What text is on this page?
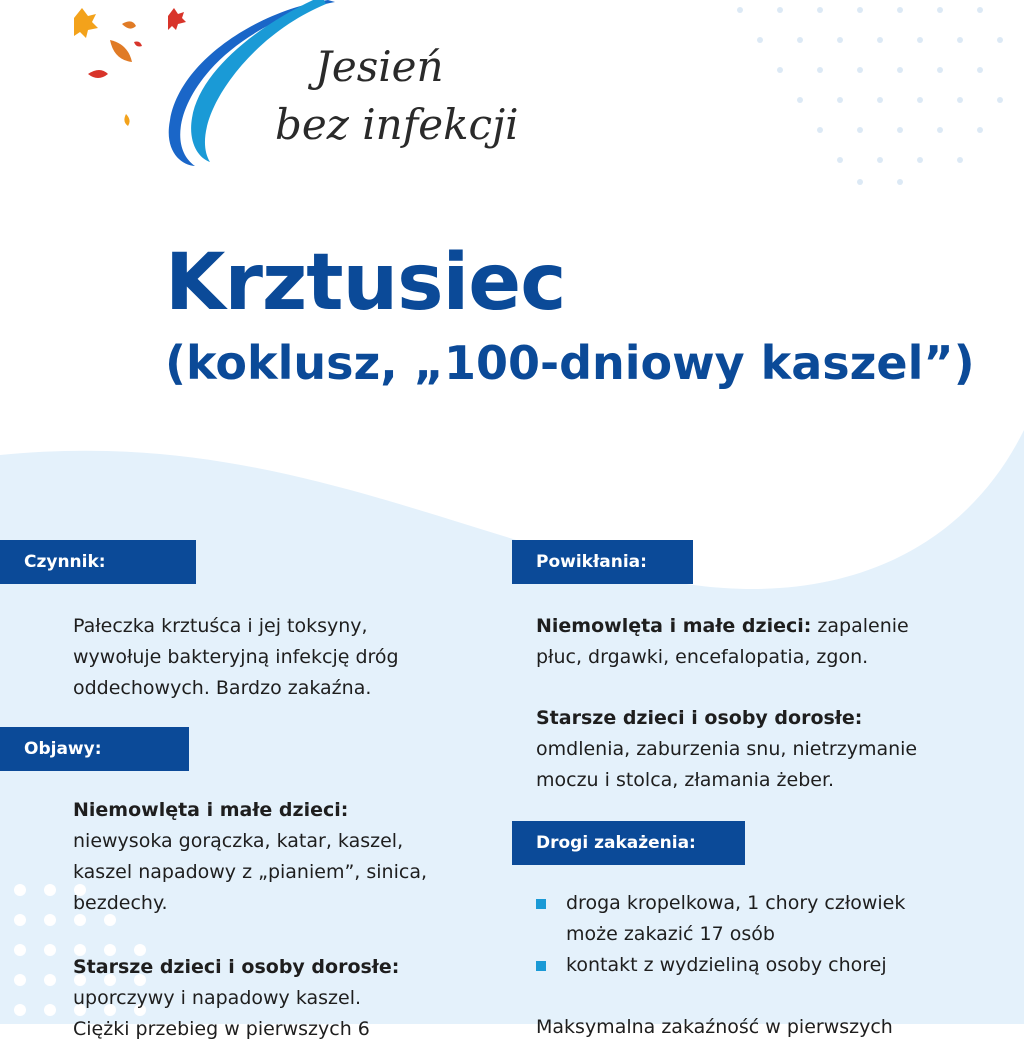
Jesień
bez infekcji
Krztusiec
(koklusz, „100-dniowy kaszel”)
Czynnik:
Pałeczka krztuśca i jej toksyny,
wywołuje bakteryjną infekcję dróg
oddechowych. Bardzo zakaźna.
Objawy:
Niemowlęta i małe dzieci:
niewysoka gorączka, katar, kaszel,
kaszel napadowy z „pianiem”, sinica,
bezdechy.
Starsze dzieci i osoby dorosłe:
uporczywy i napadowy kaszel.
Ciężki przebieg w pierwszych 6
Powikłania:
Niemowlęta i małe dzieci: zapalenie
płuc, drgawki, encefalopatia, zgon.
Starsze dzieci i osoby dorosłe:
omdlenia, zaburzenia snu, nietrzymanie
moczu i stolca, złamania żeber.
Drogi zakażenia:
droga kropelkowa, 1 chory człowiek
może zakazić 17 osób
kontakt z wydzieliną osoby chorej
Maksymalna zakaźność w pierwszych
